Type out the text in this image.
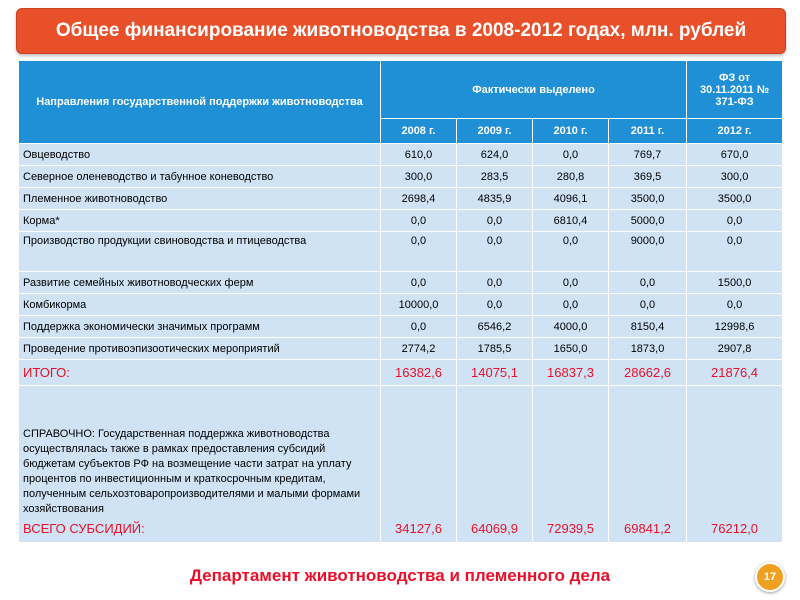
Общее финансирование животноводства в 2008-2012 годах, млн. рублей
Направления государственной поддержки животноводства	Фактически выделено				ФЗ от 30.11.2011 № 371-ФЗ
	2008 г.	2009 г.	2010 г.	2011 г.	2012 г.
Овцеводство	610,0	624,0	0,0	769,7	670,0
Северное оленеводство и табунное коневодство	300,0	283,5	280,8	369,5	300,0
Племенное животноводство	2698,4	4835,9	4096,1	3500,0	3500,0
Корма*	0,0	0,0	6810,4	5000,0	0,0
Производство продукции свиноводства и птицеводства	0,0	0,0	0,0	9000,0	0,0
Развитие семейных животноводческих ферм	0,0	0,0	0,0	0,0	1500,0
Комбикорма	10000,0	0,0	0,0	0,0	0,0
Поддержка экономически значимых программ	0,0	6546,2	4000,0	8150,4	12998,6
Проведение противоэпизоотических мероприятий	2774,2	1785,5	1650,0	1873,0	2907,8
ИТОГО:	16382,6	14075,1	16837,3	28662,6	21876,4

СПРАВОЧНО: Государственная поддержка животноводства осуществлялась также в рамках предоставления субсидий бюджетам субъектов РФ на возмещение части затрат на уплату процентов по инвестиционным и краткосрочным кредитам, полученным сельхозтоваропроизводителями и малыми формами хозяйствования
ВСЕГО СУБСИДИЙ:	34127,6	64069,9	72939,5	69841,2	76212,0
Департамент животноводства и племенного дела	17
